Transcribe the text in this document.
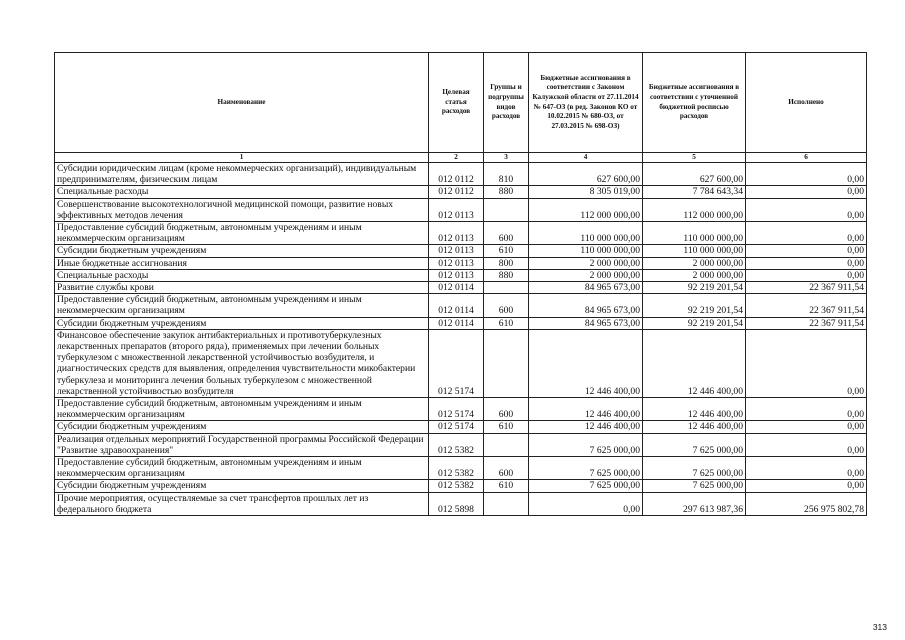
Наименование	Целевая статья расходов	Группы и подгруппы видов расходов	Бюджетные ассигнования в соответствии с Законом Калужской области от 27.11.2014 № 647-ОЗ (в ред. Законов КО от 10.02.2015 № 680-ОЗ, от 27.03.2015 № 698-ОЗ)	Бюджетные ассигнования в соответствии с уточненной бюджетной росписью расходов	Исполнено
1	2	3	4	5	6
Субсидии юридическим лицам (кроме некоммерческих организаций), индивидуальным предпринимателям, физическим лицам	012 0112	810	627 600,00	627 600,00	0,00
Специальные расходы	012 0112	880	8 305 019,00	7 784 643,34	0,00
Совершенствование высокотехнологичной медицинской помощи, развитие новых эффективных методов лечения	012 0113		112 000 000,00	112 000 000,00	0,00
Предоставление субсидий бюджетным, автономным учреждениям и иным некоммерческим организациям	012 0113	600	110 000 000,00	110 000 000,00	0,00
Субсидии бюджетным учреждениям	012 0113	610	110 000 000,00	110 000 000,00	0,00
Иные бюджетные ассигнования	012 0113	800	2 000 000,00	2 000 000,00	0,00
Специальные расходы	012 0113	880	2 000 000,00	2 000 000,00	0,00
Развитие службы крови	012 0114		84 965 673,00	92 219 201,54	22 367 911,54
Предоставление субсидий бюджетным, автономным учреждениям и иным некоммерческим организациям	012 0114	600	84 965 673,00	92 219 201,54	22 367 911,54
Субсидии бюджетным учреждениям	012 0114	610	84 965 673,00	92 219 201,54	22 367 911,54
Финансовое обеспечение закупок антибактериальных и противотуберкулезных лекарственных препаратов (второго ряда), применяемых при лечении больных туберкулезом с множественной лекарственной устойчивостью возбудителя, и диагностических средств для выявления, определения чувствительности микобактерии туберкулеза и мониторинга лечения больных туберкулезом с множественной лекарственной устойчивостью возбудителя	012 5174		12 446 400,00	12 446 400,00	0,00
Предоставление субсидий бюджетным, автономным учреждениям и иным некоммерческим организациям	012 5174	600	12 446 400,00	12 446 400,00	0,00
Субсидии бюджетным учреждениям	012 5174	610	12 446 400,00	12 446 400,00	0,00
Реализация отдельных мероприятий Государственной программы Российской Федерации "Развитие здравоохранения"	012 5382		7 625 000,00	7 625 000,00	0,00
Предоставление субсидий бюджетным, автономным учреждениям и иным некоммерческим организациям	012 5382	600	7 625 000,00	7 625 000,00	0,00
Субсидии бюджетным учреждениям	012 5382	610	7 625 000,00	7 625 000,00	0,00
Прочие мероприятия, осуществляемые за счет трансфертов прошлых лет из федерального бюджета	012 5898		0,00	297 613 987,36	256 975 802,78
313
